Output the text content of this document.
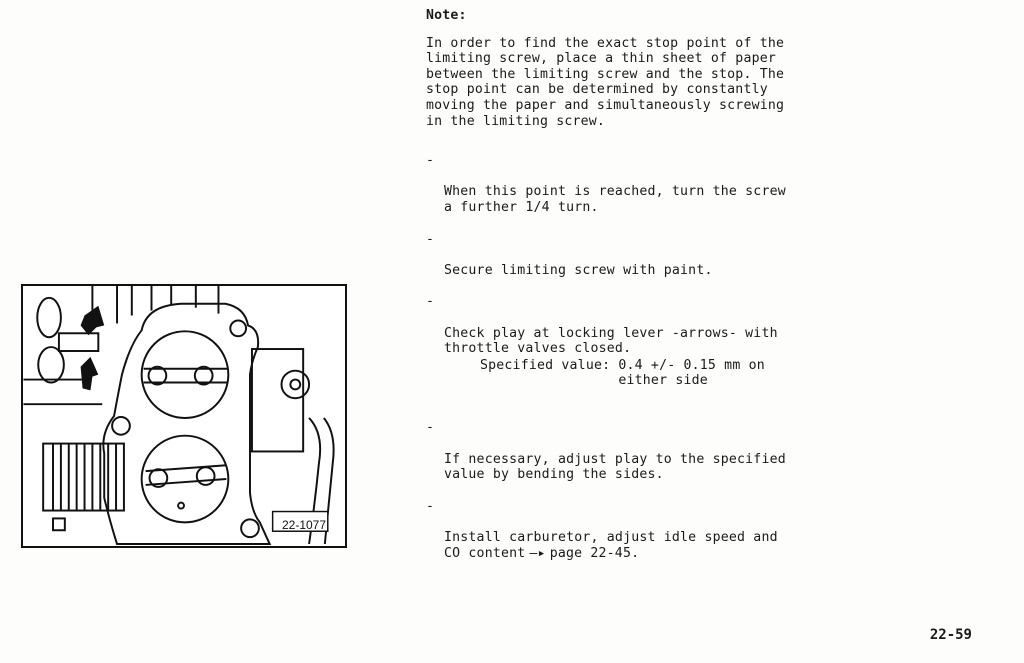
22-1077
Note:
In order to find the exact stop point of the
limiting screw, place a thin sheet of paper
between the limiting screw and the stop. The
stop point can be determined by constantly
moving the paper and simultaneously screwing
in the limiting screw.

-

When this point is reached, turn the screw
a further 1/4 turn.

-

Secure limiting screw with paint.

-

Check play at locking lever -arrows- with
throttle valves closed.

Specified value: 0.4 +/- 0.15 mm on
either side

-

If necessary, adjust play to the specified
value by bending the sides.

-

Install carburetor, adjust idle speed and
CO content —▸ page 22-45.

22-59
